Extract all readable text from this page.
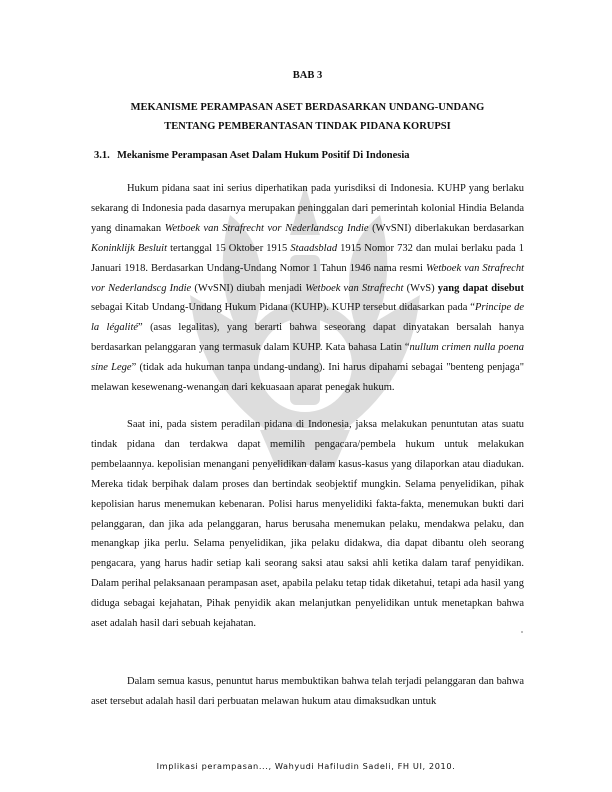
BAB 3
MEKANISME PERAMPASAN ASET BERDASARKAN UNDANG-UNDANG
TENTANG PEMBERANTASAN TINDAK PIDANA KORUPSI
3.1. Mekanisme Perampasan Aset Dalam Hukum Positif Di Indonesia

Hukum pidana saat ini serius diperhatikan pada yurisdiksi di Indonesia. KUHP yang berlaku sekarang di Indonesia pada dasarnya merupakan peninggalan dari pemerintah kolonial Hindia Belanda yang dinamakan Wetboek van Strafrecht vor Nederlandscg Indie (WvSNI) diberlakukan berdasarkan Koninklijk Besluit tertanggal 15 Oktober 1915 Staadsblad 1915 Nomor 732 dan mulai berlaku pada 1 Januari 1918. Berdasarkan Undang-Undang Nomor 1 Tahun 1946 nama resmi Wetboek van Strafrecht vor Nederlandscg Indie (WvSNI) diubah menjadi Wetboek van Strafrecht (WvS) yang dapat disebut sebagai Kitab Undang-Undang Hukum Pidana (KUHP). KUHP tersebut didasarkan pada “Principe de la légalité” (asas legalitas), yang berarti bahwa seseorang dapat dinyatakan bersalah hanya berdasarkan pelanggaran yang termasuk dalam KUHP. Kata bahasa Latin “nullum crimen nulla poena sine Lege” (tidak ada hukuman tanpa undang-undang). Ini harus dipahami sebagai "benteng penjaga" melawan kesewenang-wenangan dari kekuasaan aparat penegak hukum.

Saat ini, pada sistem peradilan pidana di Indonesia, jaksa melakukan penuntutan atas suatu tindak pidana dan terdakwa dapat memilih pengacara/pembela hukum untuk melakukan pembelaannya. kepolisian menangani penyelidikan dalam kasus-kasus yang dilaporkan atau diadukan. Mereka tidak berpihak dalam proses dan bertindak seobjektif mungkin. Selama penyelidikan, pihak kepolisian harus menemukan kebenaran. Polisi harus menyelidiki fakta-fakta, menemukan bukti dari pelanggaran, dan jika ada pelanggaran, harus berusaha menemukan pelaku, mendakwa pelaku, dan menangkap jika perlu. Selama penyelidikan, jika pelaku didakwa, dia dapat dibantu oleh seorang pengacara, yang harus hadir setiap kali seorang saksi atau saksi ahli ketika dalam taraf penyidikan. Dalam perihal pelaksanaan perampasan aset, apabila pelaku tetap tidak diketahui, tetapi ada hasil yang diduga sebagai kejahatan, Pihak penyidik akan melanjutkan penyelidikan untuk menetapkan bahwa aset adalah hasil dari sebuah kejahatan.

Dalam semua kasus, penuntut harus membuktikan bahwa telah terjadi pelanggaran dan bahwa aset tersebut adalah hasil dari perbuatan melawan hukum atau dimaksudkan untuk

Implikasi perampasan..., Wahyudi Hafiludin Sadeli, FH UI, 2010.
